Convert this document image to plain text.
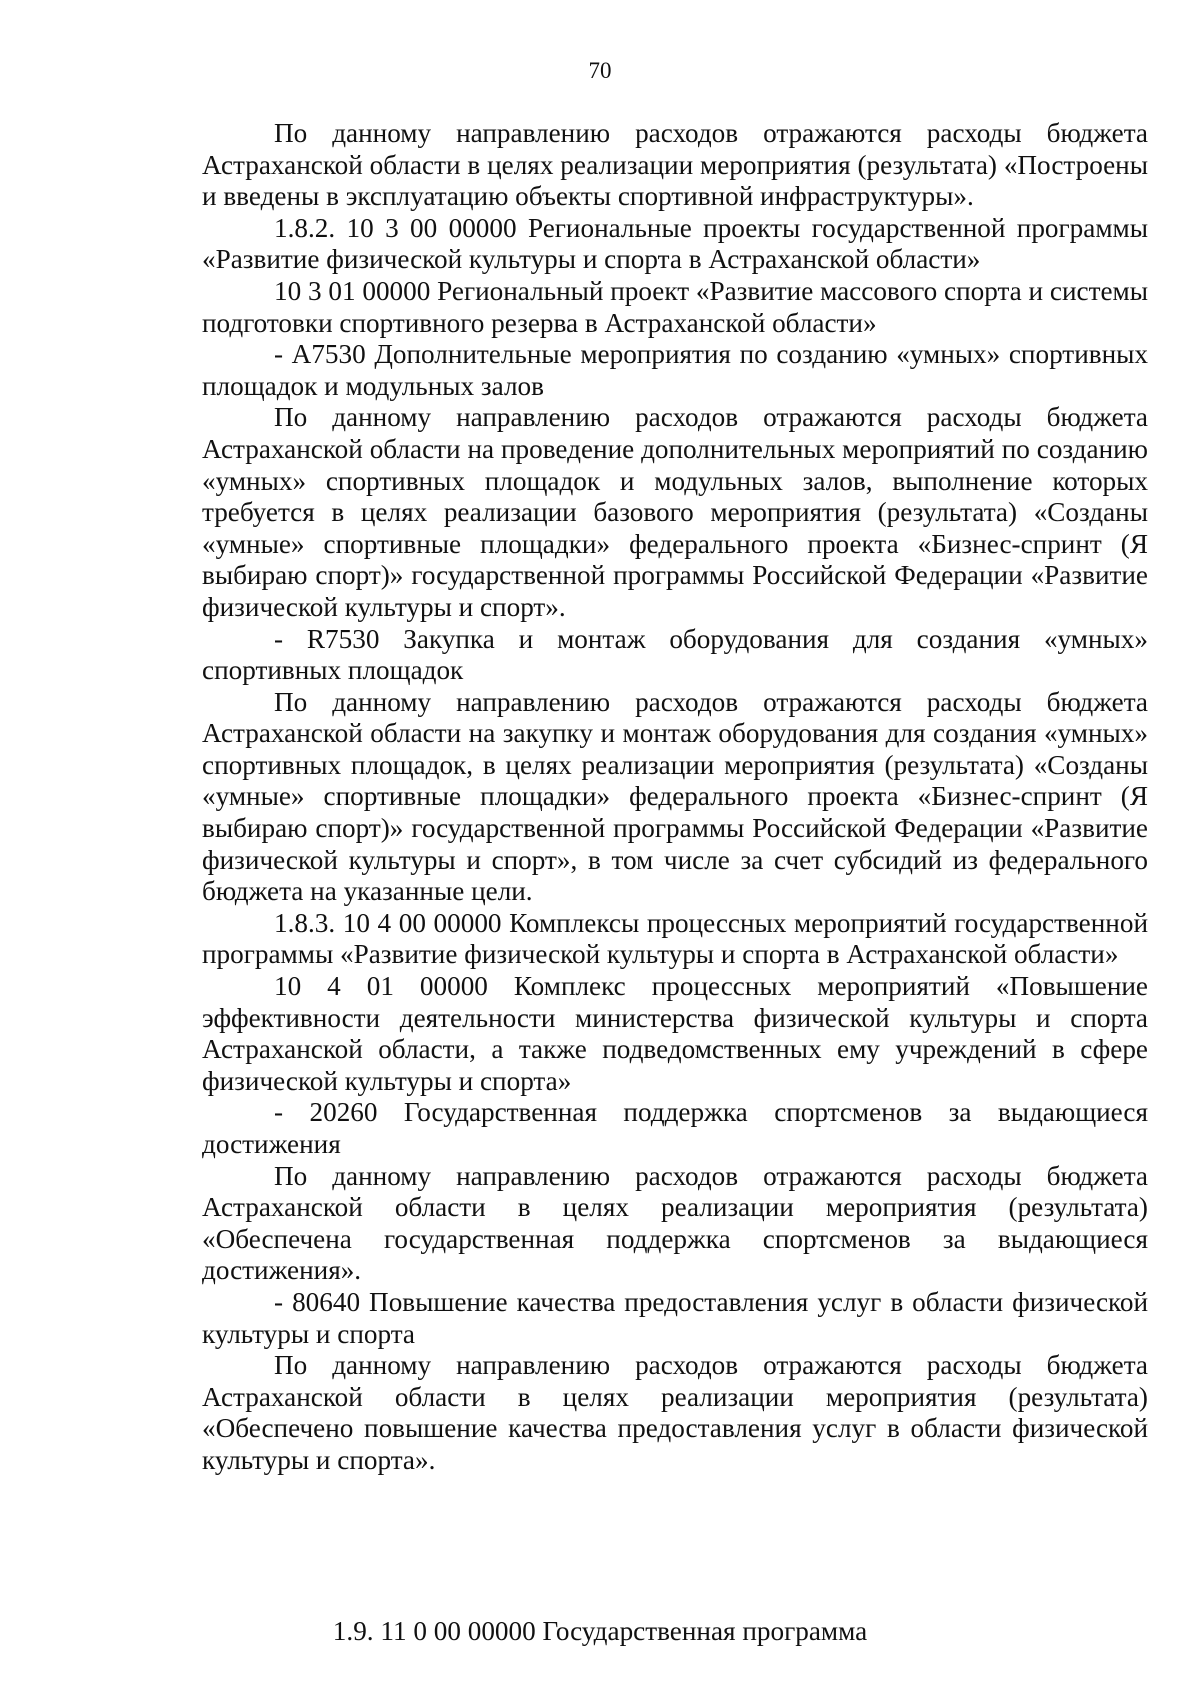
70

По данному направлению расходов отражаются расходы бюджета Астраханской области в целях реализации мероприятия (результата) «Построены и введены в эксплуатацию объекты спортивной инфраструктуры».

1.8.2. 10 3 00 00000 Региональные проекты государственной программы «Развитие физической культуры и спорта в Астраханской области»

10 3 01 00000 Региональный проект «Развитие массового спорта и системы подготовки спортивного резерва в Астраханской области»

- А7530 Дополнительные мероприятия по созданию «умных» спортивных площадок и модульных залов

По данному направлению расходов отражаются расходы бюджета Астраханской области на проведение дополнительных мероприятий по созданию «умных» спортивных площадок и модульных залов, выполнение которых требуется в целях реализации базового мероприятия (результата) «Созданы «умные» спортивные площадки» федерального проекта «Бизнес-спринт (Я выбираю спорт)» государственной программы Российской Федерации «Развитие физической культуры и спорт».

- R7530 Закупка и монтаж оборудования для создания «умных» спортивных площадок

По данному направлению расходов отражаются расходы бюджета Астраханской области на закупку и монтаж оборудования для создания «умных» спортивных площадок, в целях реализации мероприятия (результата) «Созданы «умные» спортивные площадки» федерального проекта «Бизнес-спринт (Я выбираю спорт)» государственной программы Российской Федерации «Развитие физической культуры и спорт», в том числе за счет субсидий из федерального бюджета на указанные цели.

1.8.3. 10 4 00 00000 Комплексы процессных мероприятий государственной программы «Развитие физической культуры и спорта в Астраханской области»

10 4 01 00000 Комплекс процессных мероприятий «Повышение эффективности деятельности министерства физической культуры и спорта Астраханской области, а также подведомственных ему учреждений в сфере физической культуры и спорта»

- 20260 Государственная поддержка спортсменов за выдающиеся достижения

По данному направлению расходов отражаются расходы бюджета Астраханской области в целях реализации мероприятия (результата) «Обеспечена государственная поддержка спортсменов за выдающиеся достижения».

- 80640 Повышение качества предоставления услуг в области физической культуры и спорта

По данному направлению расходов отражаются расходы бюджета Астраханской области в целях реализации мероприятия (результата) «Обеспечено повышение качества предоставления услуг в области физической культуры и спорта».

1.9. 11 0 00 00000 Государственная программа
